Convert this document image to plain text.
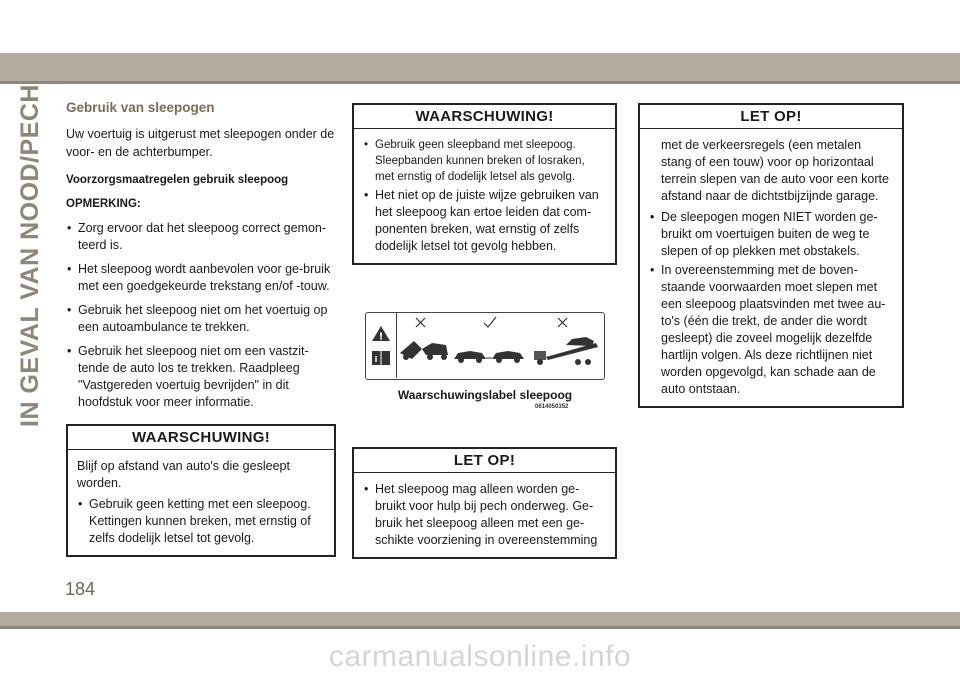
IN GEVAL VAN NOOD/PECH Gebruik van sleepogen

Uw voertuig is uitgerust met sleepogen onder de voor- en de achterbumper.

Voorzorgsmaatregelen gebruik sleepoog

OPMERKING:

• Zorg ervoor dat het sleepoog correct gemon-teerd is.
• Het sleepoog wordt aanbevolen voor ge-bruik met een goedgekeurde trekstang en/of -touw.
• Gebruik het sleepoog niet om het voertuig op een autoambulance te trekken.
• Gebruik het sleepoog niet om een vastzit-tende de auto los te trekken. Raadpleeg "Vastgereden voertuig bevrijden" in dit hoofdstuk voor meer informatie.
WAARSCHUWING!

Blijf op afstand van auto's die gesleept worden.

• Gebruik geen ketting met een sleepoog. Kettingen kunnen breken, met ernstig of zelfs dodelijk letsel tot gevolg.
WAARSCHUWING!
• Gebruik geen sleepband met sleepoog. Sleepbanden kunnen breken of losraken, met ernstig of dodelijk letsel als gevolg.
• Het niet op de juiste wijze gebruiken van het sleepoog kan ertoe leiden dat com-ponenten breken, wat ernstig of zelfs dodelijk letsel tot gevolg hebben.
!
i
0614050352
Waarschuwingslabel sleepoog
LET OP!
• Het sleepoog mag alleen worden ge-bruikt voor hulp bij pech onderweg. Ge-bruik het sleepoog alleen met een ge-schikte voorziening in overeenstemming
LET OP!

met de verkeersregels (een metalen stang of een touw) voor op horizontaal terrein slepen van de auto voor een korte afstand naar de dichtstbijzijnde garage.

• De sleepogen mogen NIET worden ge-bruikt om voertuigen buiten de weg te slepen of op plekken met obstakels.
• In overeenstemming met de boven-staande voorwaarden moet slepen met een sleepoog plaatsvinden met twee au-to's (één die trekt, de ander die wordt gesleept) die zoveel mogelijk dezelfde hartlijn volgen. Als deze richtlijnen niet worden opgevolgd, kan schade aan de auto ontstaan.
184
carmanualsonline.info
